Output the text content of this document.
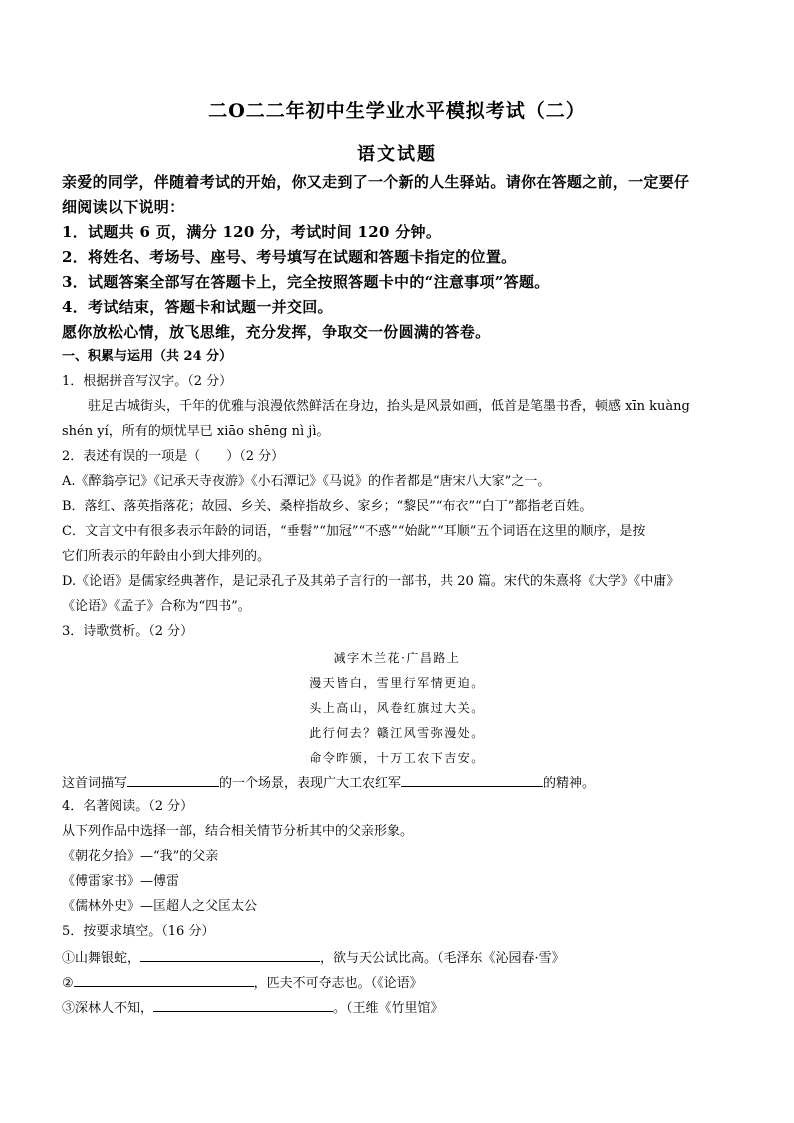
二O二二年初中生学业水平模拟考试（二）
语文试题
亲爱的同学，伴随着考试的开始，你又走到了一个新的人生驿站。请你在答题之前，一定要仔
细阅读以下说明：
1．试题共 6 页，满分 120 分，考试时间 120 分钟。
2．将姓名、考场号、座号、考号填写在试题和答题卡指定的位置。
3．试题答案全部写在答题卡上，完全按照答题卡中的“注意事项”答题。
4．考试结束，答题卡和试题一并交回。
愿你放松心情，放飞思维，充分发挥，争取交一份圆满的答卷。
一、积累与运用（共 24 分）
1．根据拼音写汉字。（2 分）
驻足古城街头，千年的优雅与浪漫依然鲜活在身边，抬头是风景如画，低首是笔墨书香，顿感 xīn kuàng
shén yí，所有的烦忧早已 xiāo shēng nì jì。
2．表述有误的一项是（　　）（2 分）
A.《醉翁亭记》《记承天寺夜游》《小石潭记》《马说》的作者都是“唐宋八大家”之一。
B．落红、落英指落花；故园、乡关、桑梓指故乡、家乡；“黎民”“布衣”“白丁”都指老百姓。
C．文言文中有很多表示年龄的词语，“垂髫”“加冠”“不惑”“始龀”“耳顺”五个词语在这里的顺序，是按
它们所表示的年龄由小到大排列的。
D.《论语》是儒家经典著作，是记录孔子及其弟子言行的一部书，共 20 篇。宋代的朱熹将《大学》《中庸》
《论语》《孟子》合称为“四书”。
3．诗歌赏析。（2 分）
减字木兰花·广昌路上
漫天皆白，雪里行军情更迫。
头上高山，风卷红旗过大关。
此行何去？赣江风雪弥漫处。
命令昨颁，十万工农下吉安。
这首词描写	的一个场景，表现广大工农红军	的精神。
4．名著阅读。（2 分）
从下列作品中选择一部，结合相关情节分析其中的父亲形象。
《朝花夕拾》—“我”的父亲
《傅雷家书》—傅雷
《儒林外史》—匡超人之父匡太公
5．按要求填空。（16 分）
①山舞银蛇，	，欲与天公试比高。（毛泽东《沁园春·雪》
②	，匹夫不可夺志也。（《论语》
③深林人不知，	。（王维《竹里馆》
